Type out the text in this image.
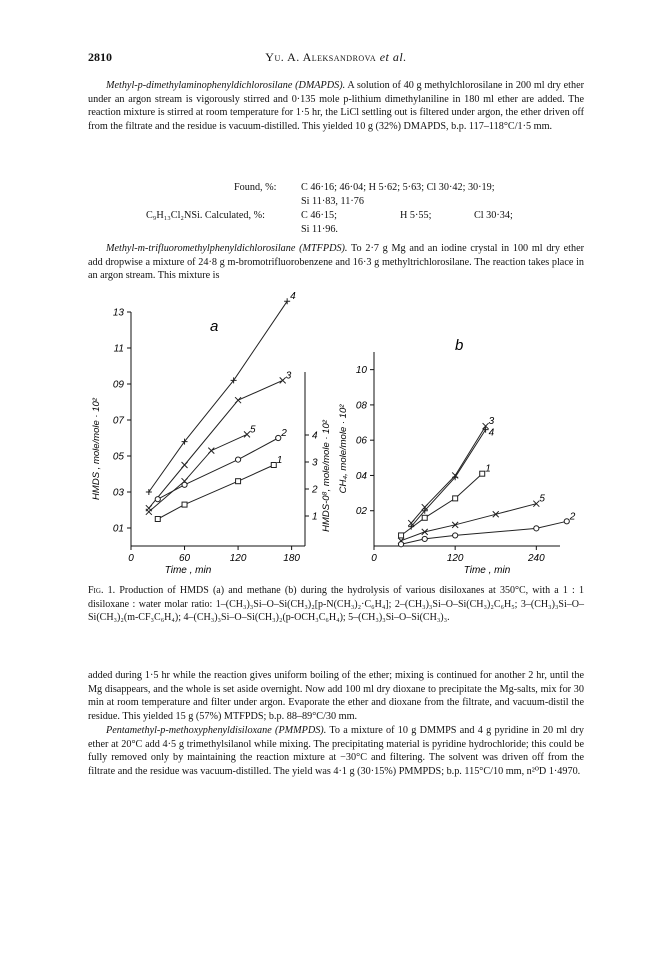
2810	Yu. A. Aleksandrova et al.

Methyl-p-dimethylaminophenyldichlorosilane (DMAPDS). A solution of 40 g methylchlorosilane in 200 ml dry ether under an argon stream is vigorously stirred and 0·135 mole p-lithium dimethylaniline in 180 ml ether are added. The reaction mixture is stirred at room temperature for 1·5 hr, the LiCl settling out is filtered under argon, the ether driven off from the filtrate and the residue is vacuum-distilled. This yielded 10 g (32%) DMAPDS, b.p. 117–118°C/1·5 mm.

Found, %: C 46·16; 46·04; H 5·62; 5·63; Cl 30·42; 30·19;
Si 11·83, 11·76
C₉H₁₃Cl₂NSi. Calculated, %:	C 46·15;	H 5·55;	Cl 30·34;
Si 11·96.

Methyl-m-trifluoromethylphenyldichlorosilane (MTFPDS). To 2·7 g Mg and an iodine crystal in 100 ml dry ether add dropwise a mixture of 24·8 g m-bromotrifluorobenzene and 16·3 g methyltrichlorosilane. The reaction takes place in an argon stream. This mixture is

0	60	120	180
01
03
05
07
09
11
13
1
2
3
4
4
3
5	2
1
a
HMDS , mole/mole · 10²	HMDS-0⁸, mole/mole · 10²
Time , min
0	120	240
02
04
06
08
10
3
4
1
5
2
b
CH₄, mole/mole · 10²
Time , min
Fig. 1. Production of HMDS (a) and methane (b) during the hydrolysis of various disiloxanes at 350°C, with a 1 : 1 disiloxane : water molar ratio: 1–(CH₃)₃Si–O–Si(CH₃)₂[p-N(CH₃)₂·C₆H₄]; 2–(CH₃)₃Si–O–Si(CH₃)₂C₆H₅; 3–(CH₃)₃Si–O–Si(CH₃)₂(m-CF₃C₆H₄); 4–(CH₃)₃Si–O–Si(CH₃)₂(p-OCH₃C₆H₄); 5–(CH₃)₃Si–O–Si(CH₃)₃.

added during 1·5 hr while the reaction gives uniform boiling of the ether; mixing is continued for another 2 hr, until the Mg disappears, and the whole is set aside overnight. Now add 100 ml dry dioxane to precipitate the Mg-salts, mix for 30 min at room temperature and filter under argon. Evaporate the ether and dioxane from the filtrate, and vacuum-distil the residue. This yielded 15 g (57%) MTFPDS; b.p. 88–89°C/30 mm.

Pentamethyl-p-methoxyphenyldisiloxane (PMMPDS). To a mixture of 10 g DMMPS and 4 g pyridine in 20 ml dry ether at 20°C add 4·5 g trimethylsilanol while mixing. The precipitating material is pyridine hydrochloride; this could be fully removed only by maintaining the reaction mixture at −30°C and filtering. The solvent was driven off from the filtrate and the residue was vacuum-distilled. The yield was 4·1 g (30·15%) PMMPDS; b.p. 115°C/10 mm, n²⁰D 1·4970.
